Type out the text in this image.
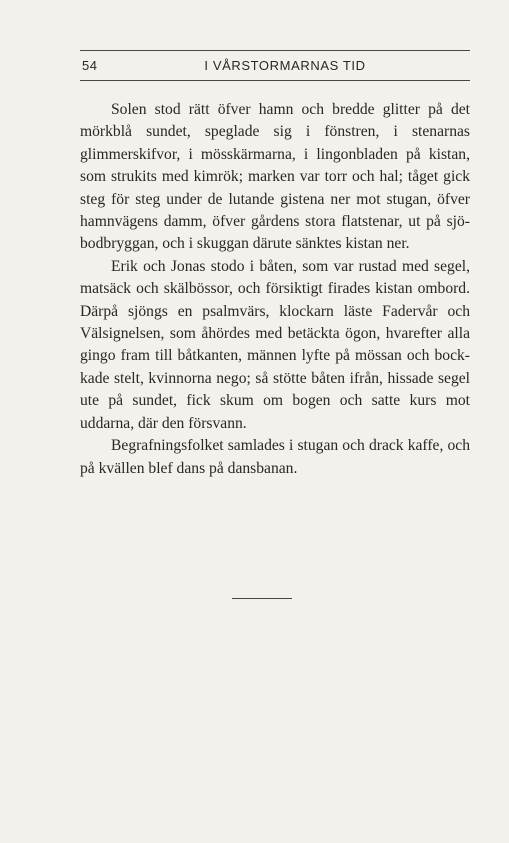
54	I VÅRSTORMARNAS TID

Solen stod rätt öfver hamn och bredde glitter på det mörkblå sundet, speglade sig i fönstren, i stenarnas glimmerskifvor, i mösskärmarna, i lingonbladen på kistan, som strukits med kimrök; marken var torr och hal; tåget gick steg för steg under de lutande gistena ner mot stugan, öfver hamnvägens damm, öfver gårdens stora flatstenar, ut på sjöbodbryggan, och i skuggan därute sänktes kistan ner.

Erik och Jonas stodo i båten, som var rustad med segel, matsäck och skälbössor, och försiktigt firades kistan ombord. Därpå sjöngs en psalmvärs, klockarn läste Fadervår och Välsignelsen, som åhördes med betäckta ögon, hvarefter alla gingo fram till båtkanten, männen lyfte på mössan och bockkade stelt, kvinnorna nego; så stötte båten ifrån, hissade segel ute på sundet, fick skum om bogen och satte kurs mot uddarna, där den försvann.

Begrafningsfolket samlades i stugan och drack kaffe, och på kvällen blef dans på dansbanan.
